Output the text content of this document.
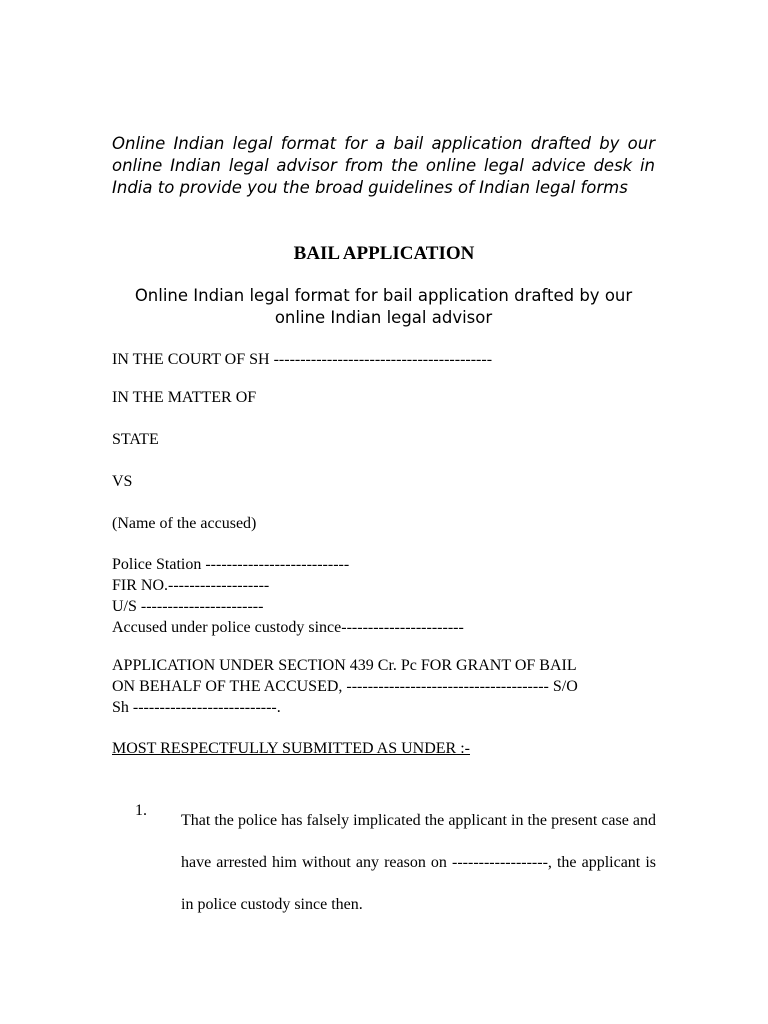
Online Indian legal format for a bail application drafted by our online Indian legal advisor from the online legal advice desk in India to provide you the broad guidelines of Indian legal forms
BAIL APPLICATION
Online Indian legal format for bail application drafted by our online Indian legal advisor
IN THE COURT OF SH -----------------------------------------
IN THE MATTER OF
STATE
VS
(Name of the accused)
Police Station ---------------------------
FIR NO.-------------------
U/S -----------------------
Accused under police custody since-----------------------
APPLICATION UNDER SECTION 439 Cr. Pc FOR GRANT OF BAIL
ON BEHALF OF THE ACCUSED, -------------------------------------- S/O
Sh ---------------------------.
MOST RESPECTFULLY SUBMITTED AS UNDER :-
1.
That the police has falsely implicated the applicant in the present case and have arrested him without any reason on ------------------, the applicant is in police custody since then.
